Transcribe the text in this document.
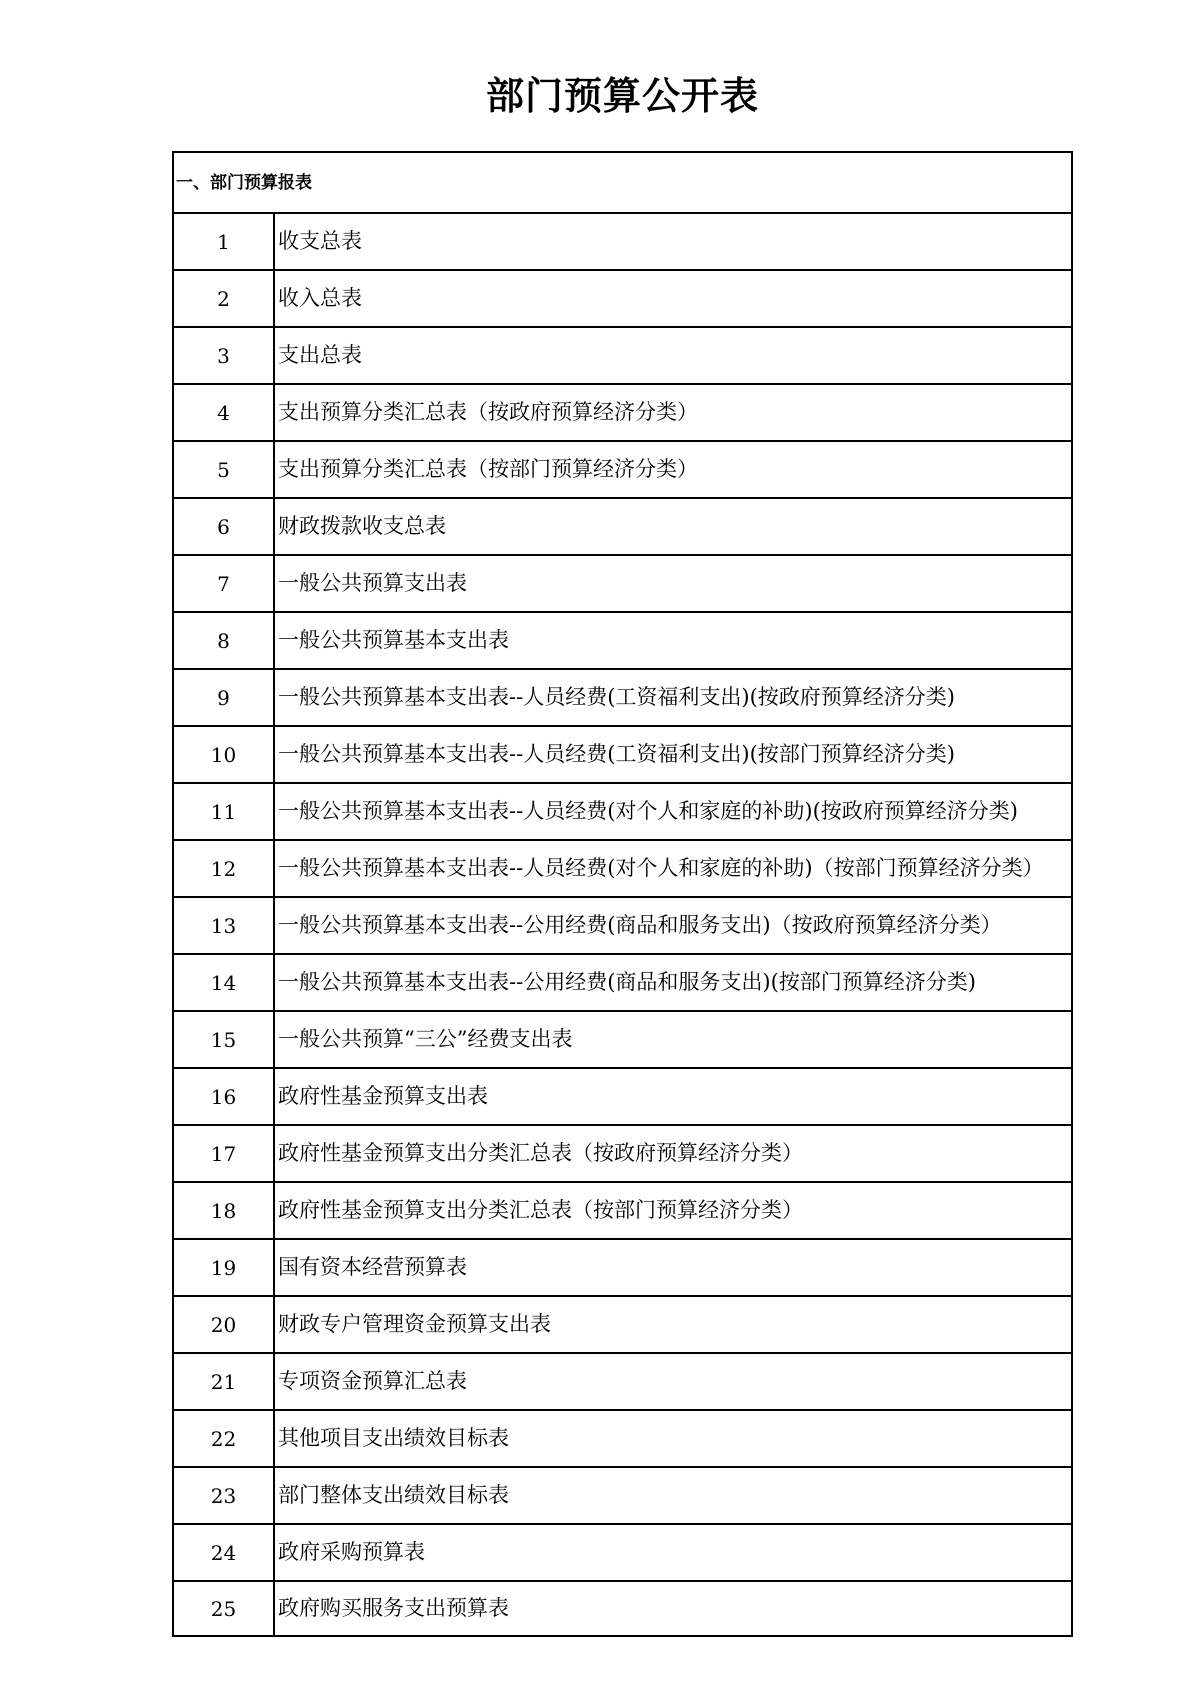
部门预算公开表
一、部门预算报表
1	收支总表
2	收入总表
3	支出总表
4	支出预算分类汇总表（按政府预算经济分类）
5	支出预算分类汇总表（按部门预算经济分类）
6	财政拨款收支总表
7	一般公共预算支出表
8	一般公共预算基本支出表
9	一般公共预算基本支出表--人员经费(工资福利支出)(按政府预算经济分类)
10	一般公共预算基本支出表--人员经费(工资福利支出)(按部门预算经济分类)
11	一般公共预算基本支出表--人员经费(对个人和家庭的补助)(按政府预算经济分类)
12	一般公共预算基本支出表--人员经费(对个人和家庭的补助)（按部门预算经济分类）
13	一般公共预算基本支出表--公用经费(商品和服务支出)（按政府预算经济分类）
14	一般公共预算基本支出表--公用经费(商品和服务支出)(按部门预算经济分类)
15	一般公共预算“三公”经费支出表
16	政府性基金预算支出表
17	政府性基金预算支出分类汇总表（按政府预算经济分类）
18	政府性基金预算支出分类汇总表（按部门预算经济分类）
19	国有资本经营预算表
20	财政专户管理资金预算支出表
21	专项资金预算汇总表
22	其他项目支出绩效目标表
23	部门整体支出绩效目标表
24	政府采购预算表
25	政府购买服务支出预算表
